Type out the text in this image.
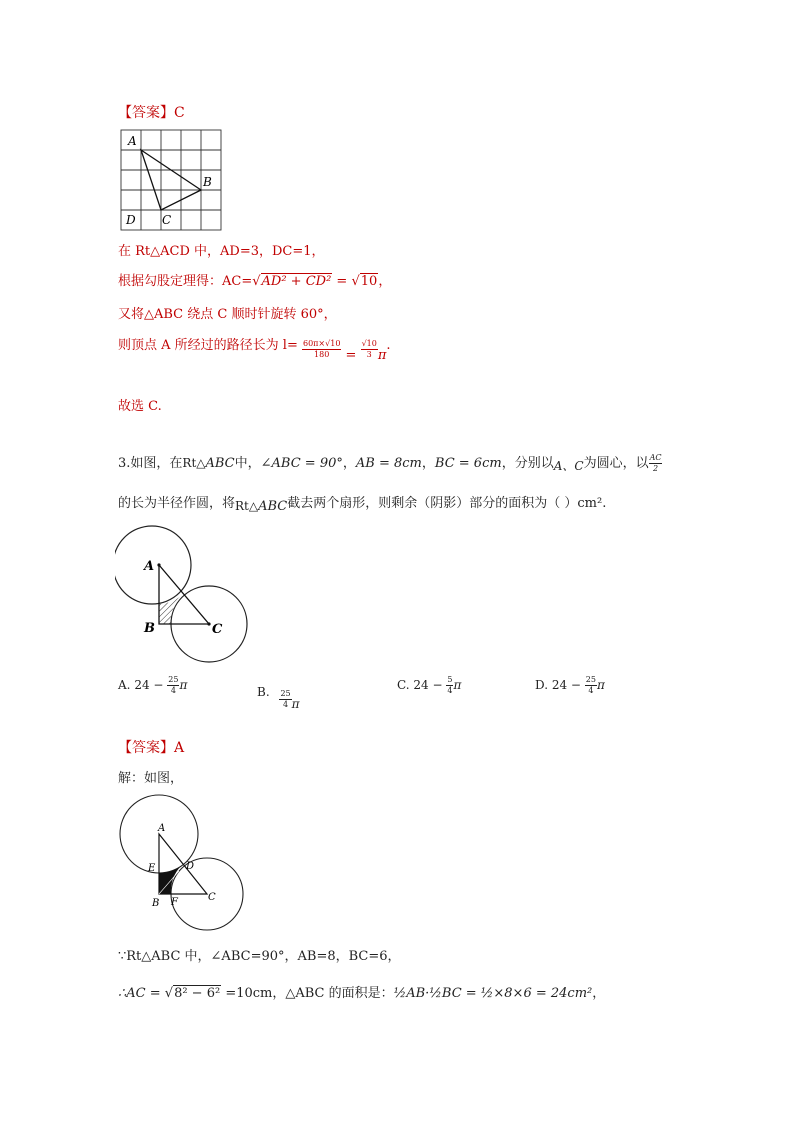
【答案】C
A
B
C
D
在 Rt△ACD 中，AD=3，DC=1，
根据勾股定理得：AC=√AD² + CD² = √10，
又将△ABC 绕点 C 顺时针旋转 60°，
则顶点 A 所经过的路径长为 $l= \frac{60\pi\times√10}{180} = \frac{√10}{3} \pi$.
故选 C.
3.如图，在Rt△ABC中，∠ABC = 90°，AB = 8cm，BC = 6cm，分别以A、C为圆心，以 $\frac{AC}{2}$
的长为半径作圆，将Rt△ABC截去两个扇形，则剩余（阴影）部分的面积为（ ）cm².
A
B	C
A. $24 - \frac{25}{4}$ π	B. $\frac{25}{4}$ π
C. $24 - \frac{5}{4}$ π	D. $24 - \frac{25}{4}$ π
【答案】A
解：如图，
A
E	D
B F	C
∵Rt△ABC 中，∠ABC=90°，AB=8，BC=6，
∴AC = √8² − 6² =10cm，△ABC 的面积是：½AB·½BC = ½×8×6 = 24cm²，
